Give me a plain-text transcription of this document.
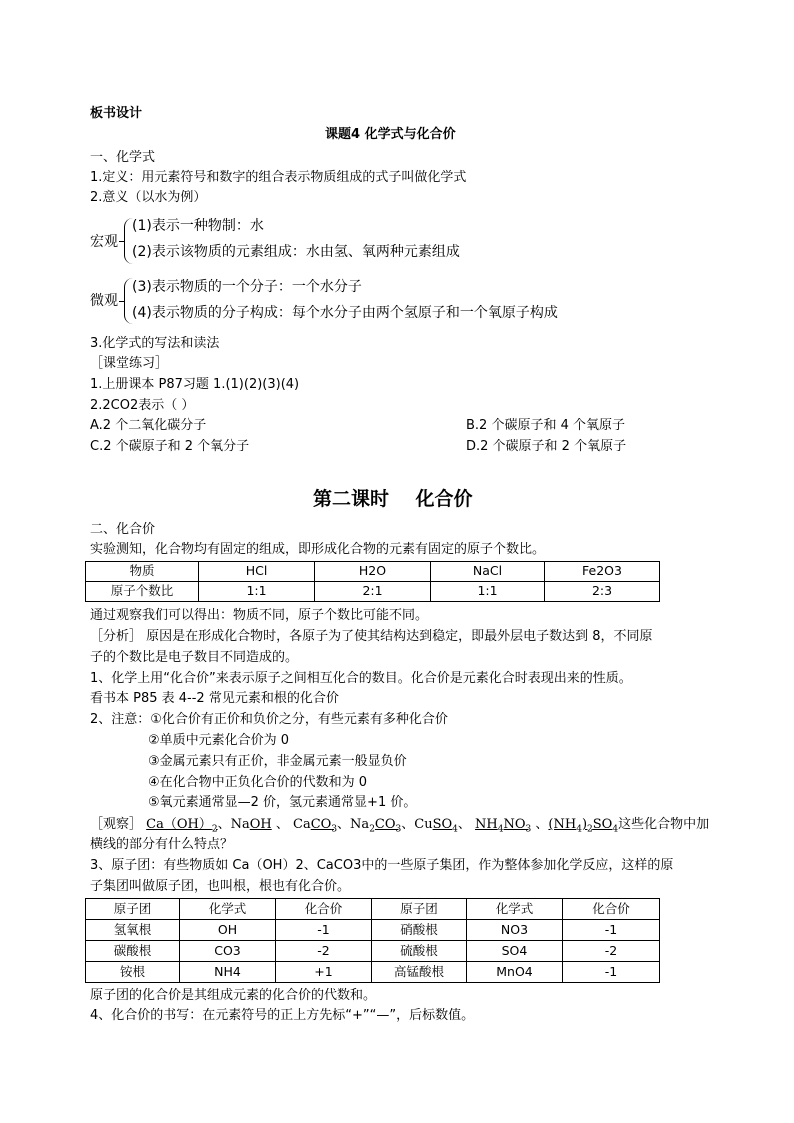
板书设计
课题4 化学式与化合价
一、化学式
1.定义：用元素符号和数字的组合表示物质组成的式子叫做化学式
2.意义（以水为例）
宏观
(1)表示一种物制：水
(2)表示该物质的元素组成：水由氢、氧两种元素组成
微观
(3)表示物质的一个分子：一个水分子
(4)表示物质的分子构成：每个水分子由两个氢原子和一个氧原子构成
3.化学式的写法和读法
［课堂练习］
1.上册课本 P87习题 1.(1)(2)(3)(4)
2.2CO2表示（ ）
A.2 个二氧化碳分子	B.2 个碳原子和 4 个氧原子
C.2 个碳原子和 2 个氧分子	D.2 个碳原子和 2 个氧原子
第二课时    化合价
二、化合价
实验测知，化合物均有固定的组成，即形成化合物的元素有固定的原子个数比。
物质	HCl	H2O	NaCl	Fe2O3
原子个数比	1:1	2:1	1:1	2:3
通过观察我们可以得出：物质不同，原子个数比可能不同。
［分析］ 原因是在形成化合物时，各原子为了使其结构达到稳定，即最外层电子数达到 8，不同原
子的个数比是电子数目不同造成的。
1、化学上用“化合价”来表示原子之间相互化合的数目。化合价是元素化合时表现出来的性质。
看书本 P85 表 4--2 常见元素和根的化合价
2、注意：①化合价有正价和负价之分，有些元素有多种化合价
②单质中元素化合价为 0
③金属元素只有正价，非金属元素一般显负价
④在化合物中正负化合价的代数和为 0
⑤氧元素通常显—2 价，氢元素通常显+1 价。
［观察］ $Ca(OH)_2$、NaOH 、 CaCO$_3$、$Na_2CO_3$、CuSO$_4$、 $NH_4NO_3$ 、$(NH_4)_2SO_4$这些化合物中加
横线的部分有什么特点？
3、原子团：有些物质如 Ca（OH）2、CaCO3中的一些原子集团，作为整体参加化学反应，这样的原
子集团叫做原子团，也叫根，根也有化合价。
原子团	化学式	化合价	原子团	化学式	化合价
氢氧根	OH	-1	硝酸根	NO3	-1
碳酸根	CO3	-2	硫酸根	SO4	-2
铵根	NH4	+1	高锰酸根	MnO4	-1
原子团的化合价是其组成元素的化合价的代数和。
4、化合价的书写：在元素符号的正上方先标“+”“—”，后标数值。
